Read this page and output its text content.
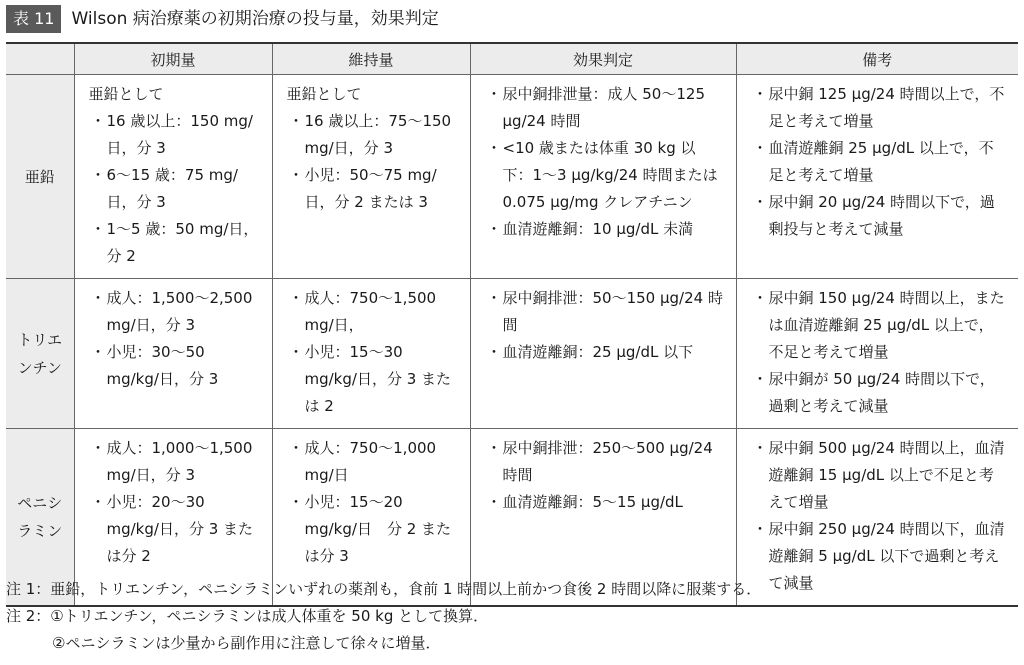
表 11	Wilson 病治療薬の初期治療の投与量，効果判定
	初期量	維持量	効果判定	備考

亜鉛	亜鉛として
・ 16 歳以上：150 mg/日，分 3
・ 6〜15 歳：75 mg/日，分 3
・ 1〜5 歳：50 mg/日，分 2	亜鉛として
・ 16 歳以上：75〜150 mg/日，分 3
・ 小児：50〜75 mg/日，分 2 または 3	・ 尿中銅排泄量：成人 50〜125 μg/24 時間
・ <10 歳または体重 30 kg 以下：1〜3 μg/kg/24 時間または 0.075 μg/mg クレアチニン
・ 血清遊離銅：10 μg/dL 未満	・ 尿中銅 125 μg/24 時間以上で，不足と考えて増量
・ 血清遊離銅 25 μg/dL 以上で，不足と考えて増量
・ 尿中銅 20 μg/24 時間以下で，過剰投与と考えて減量

トリエ
ンチン	・ 成人：1,500〜2,500 mg/日，分 3
・ 小児：30〜50 mg/kg/日，分 3	・ 成人：750〜1,500 mg/日，
・ 小児：15〜30 mg/kg/日，分 3 または 2	・ 尿中銅排泄：50〜150 μg/24 時間
・ 血清遊離銅：25 μg/dL 以下	・ 尿中銅 150 μg/24 時間以上，または血清遊離銅 25 μg/dL 以上で，不足と考えて増量
・ 尿中銅が 50 μg/24 時間以下で，過剰と考えて減量

ペニシ
ラミン	・ 成人：1,000〜1,500 mg/日，分 3
・ 小児：20〜30 mg/kg/日，分 3 または分 2	・ 成人：750〜1,000 mg/日
・ 小児：15〜20 mg/kg/日　分 2 または分 3	・ 尿中銅排泄：250〜500 μg/24 時間
・ 血清遊離銅：5〜15 μg/dL	・ 尿中銅 500 μg/24 時間以上，血清遊離銅 15 μg/dL 以上で不足と考えて増量
・ 尿中銅 250 μg/24 時間以下，血清遊離銅 5 μg/dL 以下で過剰と考えて減量
注 1：亜鉛，トリエンチン，ペニシラミンいずれの薬剤も，食前 1 時間以上前かつ食後 2 時間以降に服薬する．
注 2：①トリエンチン，ペニシラミンは成人体重を 50 kg として換算．
②ペニシラミンは少量から副作用に注意して徐々に増量．
